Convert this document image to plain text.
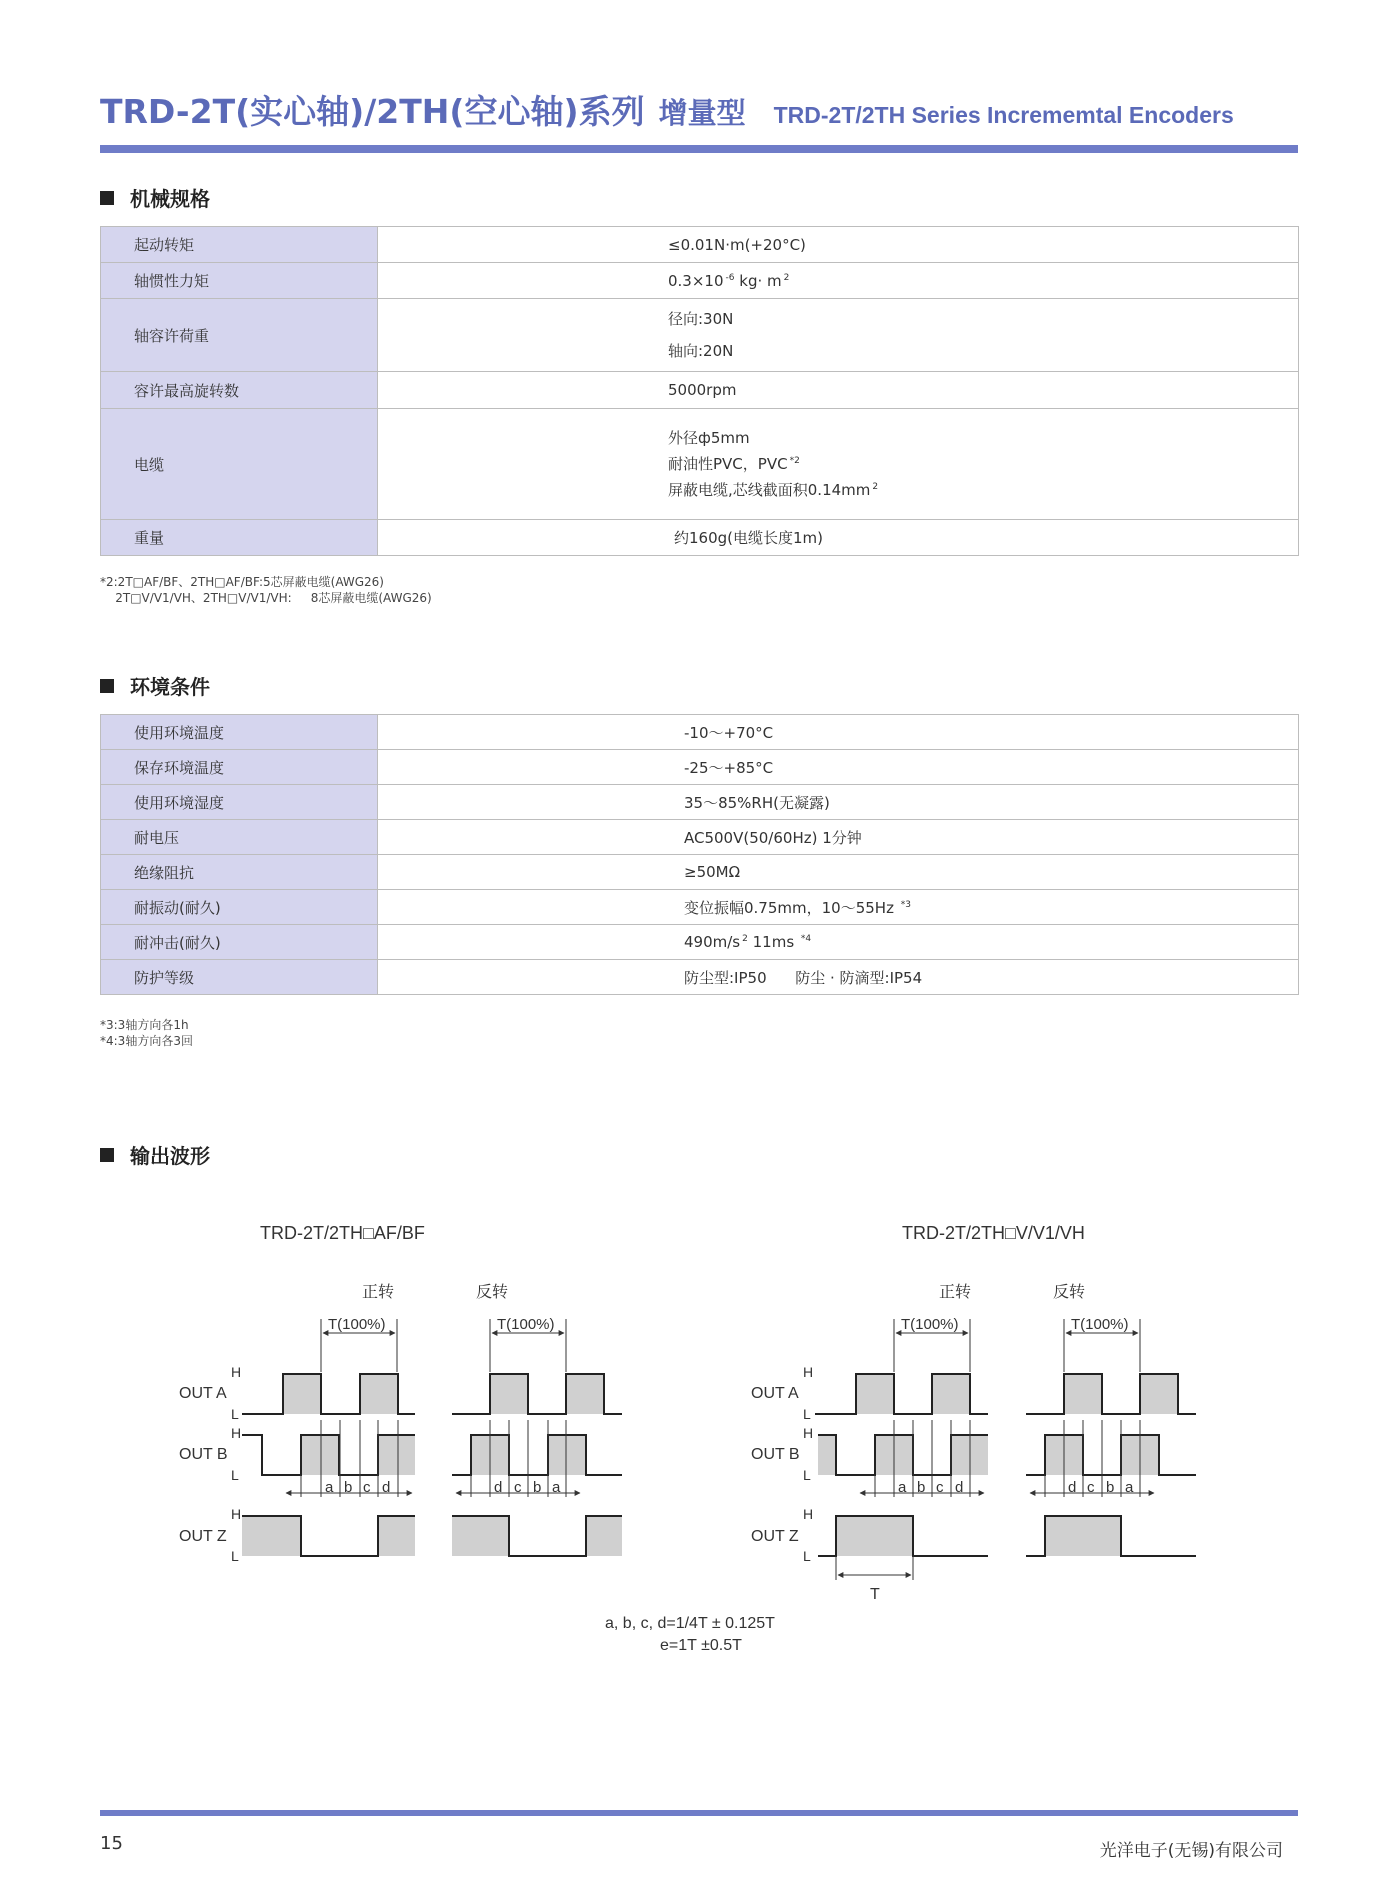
TRD-2T(实心轴)/2TH(空心轴)系列 增量型 TRD-2T/2TH Series Incrememtal Encoders
机械规格
起动转矩	≤0.01N·m(+20°C)
轴惯性力矩	0.3×10 $^{-6}$ kg· m $^2$
轴容许荷重	径向:30N
轴向:20N

容许最高旋转数	5000rpm
电缆	外径ф5mm
耐油性PVC，PVC $^{*2}$
屏蔽电缆,芯线截面积0.14mm $^2$

重量	约160g(电缆长度1m)
*2:2T□AF/BF、2TH□AF/BF:5芯屏蔽电缆(AWG26)
2T□V/V1/VH、2TH□V/V1/VH:     8芯屏蔽电缆(AWG26)
环境条件
使用环境温度	-10～+70°C
保存环境温度	-25～+85°C
使用环境湿度	35～85%RH(无凝露)
耐电压	AC500V(50/60Hz) 1分钟
绝缘阻抗	≥50MΩ
耐振动(耐久)	变位振幅0.75mm，10～55Hz $^{*3}$
耐冲击(耐久)	490m/s $^2$ 11ms $^{*4}$
防护等级	防尘型:IP50      防尘 · 防滴型:IP54
*3:3轴方向各1h
*4:3轴方向各3回
输出波形
TRD-2T/2TH□AF/BF	TRD-2T/2TH□V/V1/VH
正转	反转	正转	反转
T(100%)	T(100%)	T(100%)	T(100%)
OUT A
OUT B
OUT Z
H
L
H
L
H
L
OUT A
OUT B
OUT Z
H
L
H
L
H
L
a b c d	d c b a	a b c d	d c b a
T
a, b, c, d=1/4T ± 0.125T
e=1T ±0.5T
15	光洋电子(无锡)有限公司
